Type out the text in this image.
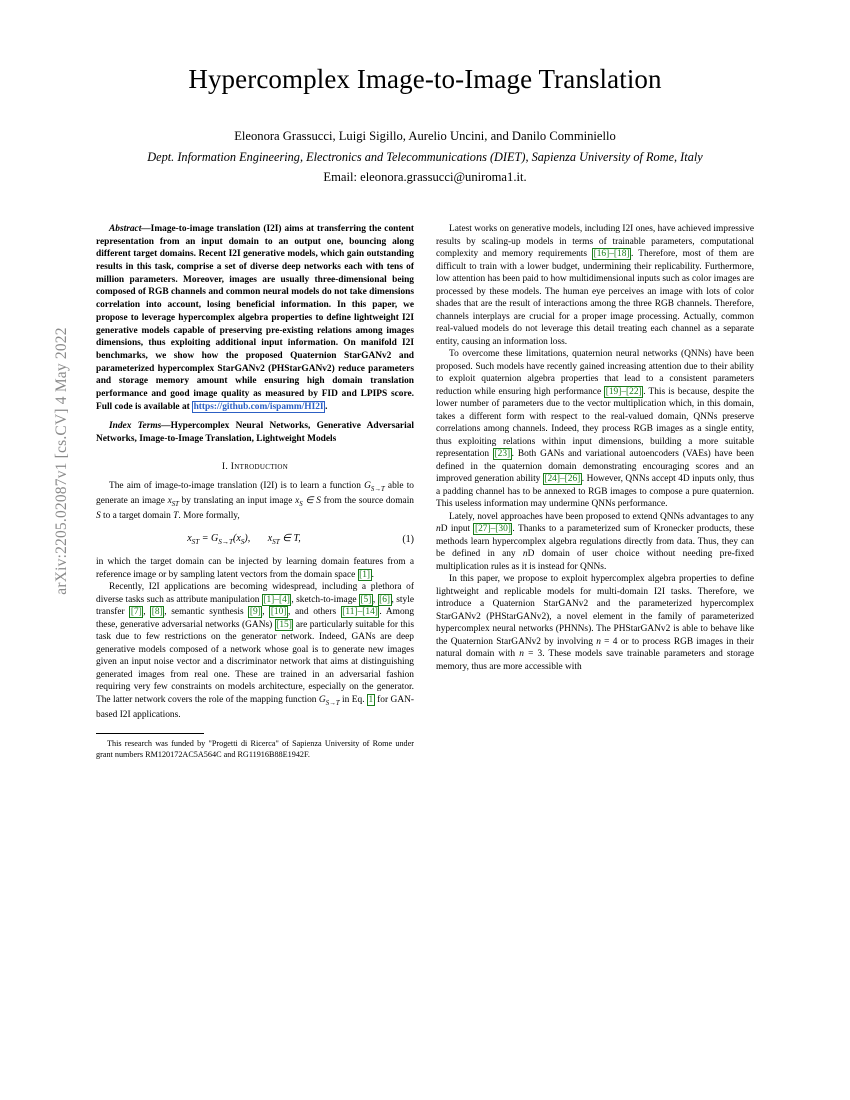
arXiv:2205.02087v1 [cs.CV] 4 May 2022
Hypercomplex Image-to-Image Translation
Eleonora Grassucci, Luigi Sigillo, Aurelio Uncini, and Danilo Comminiello
Dept. Information Engineering, Electronics and Telecommunications (DIET), Sapienza University of Rome, Italy
Email: eleonora.grassucci@uniroma1.it.
Abstract—Image-to-image translation (I2I) aims at transferring the content representation from an input domain to an output one, bouncing along different target domains. Recent I2I generative models, which gain outstanding results in this task, comprise a set of diverse deep networks each with tens of million parameters. Moreover, images are usually three-dimensional being composed of RGB channels and common neural models do not take dimensions correlation into account, losing beneficial information. In this paper, we propose to leverage hypercomplex algebra properties to define lightweight I2I generative models capable of preserving pre-existing relations among images dimensions, thus exploiting additional input information. On manifold I2I benchmarks, we show how the proposed Quaternion StarGANv2 and parameterized hypercomplex StarGANv2 (PHStarGANv2) reduce parameters and storage memory amount while ensuring high domain translation performance and good image quality as measured by FID and LPIPS score. Full code is available at https://github.com/ispamm/HI2I .
Index Terms—Hypercomplex Neural Networks, Generative Adversarial Networks, Image-to-Image Translation, Lightweight Models
I. Introduction

The aim of image-to-image translation (I2I) is to learn a function $G_{S\to T}$ able to generate an image $x_{ST}$ by translating an input image $x_S$ ∈ S from the source domain S to a target domain T. More formally,

$x_{ST} = G_{S\to T}(x_S)$,       $x_{ST}$ ∈ T,	(1)

in which the target domain can be injected by learning domain features from a reference image or by sampling latent vectors from the domain space [1] .

Recently, I2I applications are becoming widespread, including a plethora of diverse tasks such as attribute manipulation [1]–[4] , sketch-to-image [5] , [6] , style transfer [7] , [8] , semantic synthesis [9] , [10] , and others [11]–[14] . Among these, generative adversarial networks (GANs) [15] are particularly suitable for this task due to few restrictions on the generator network. Indeed, GANs are deep generative models composed of a network whose goal is to generate new images given an input noise vector and a discriminator network that aims at distinguishing generated images from real one. These are trained in an adversarial fashion requiring very few constraints on models architecture, especially on the generator. The latter network covers the role of the mapping function $G_{S\to T}$ in Eq. 1 for GAN-based I2I applications.

This research was funded by "Progetti di Ricerca" of Sapienza University of Rome under grant numbers RM120172AC5A564C and RG11916B88E1942F.

Latest works on generative models, including I2I ones, have achieved impressive results by scaling-up models in terms of trainable parameters, computational complexity and memory requirements [16]–[18] . Therefore, most of them are difficult to train with a lower budget, undermining their replicability. Furthermore, low attention has been paid to how multidimensional inputs such as color images are processed by these models. The human eye perceives an image with lots of color shades that are the result of interactions among the three RGB channels. Therefore, channels interplays are crucial for a proper image processing. Actually, common real-valued models do not leverage this detail treating each channel as a separate entity, causing an information loss.

To overcome these limitations, quaternion neural networks (QNNs) have been proposed. Such models have recently gained increasing attention due to their ability to exploit quaternion algebra properties that lead to a consistent parameters reduction while ensuring high performance [19]–[22] . This is because, despite the lower number of parameters due to the vector multiplication which, in this domain, takes a different form with respect to the real-valued domain, QNNs preserve correlations among channels. Indeed, they process RGB images as a single entity, thus exploiting relations within input dimensions, building a more suitable representation [23] . Both GANs and variational autoencoders (VAEs) have been defined in the quaternion domain demonstrating encouraging scores and an improved generation ability [24]–[26] . However, QNNs accept 4D inputs only, thus a padding channel has to be annexed to RGB images to compose a pure quaternion. This useless information may undermine QNNs performance.

Lately, novel approaches have been proposed to extend QNNs advantages to any nD input [27]–[30] . Thanks to a parameterized sum of Kronecker products, these methods learn hypercomplex algebra regulations directly from data. Thus, they can be defined in any nD domain of user choice without needing pre-fixed multiplication rules as it is instead for QNNs.

In this paper, we propose to exploit hypercomplex algebra properties to define lightweight and replicable models for multi-domain I2I tasks. Therefore, we introduce a Quaternion StarGANv2 and the parameterized hypercomplex StarGANv2 (PHStarGANv2), a novel element in the family of parameterized hypercomplex neural networks (PHNNs). The PHStarGANv2 is able to behave like the Quaternion StarGANv2 by involving n = 4 or to process RGB images in their natural domain with n = 3. These models save trainable parameters and storage memory, thus are more accessible with
